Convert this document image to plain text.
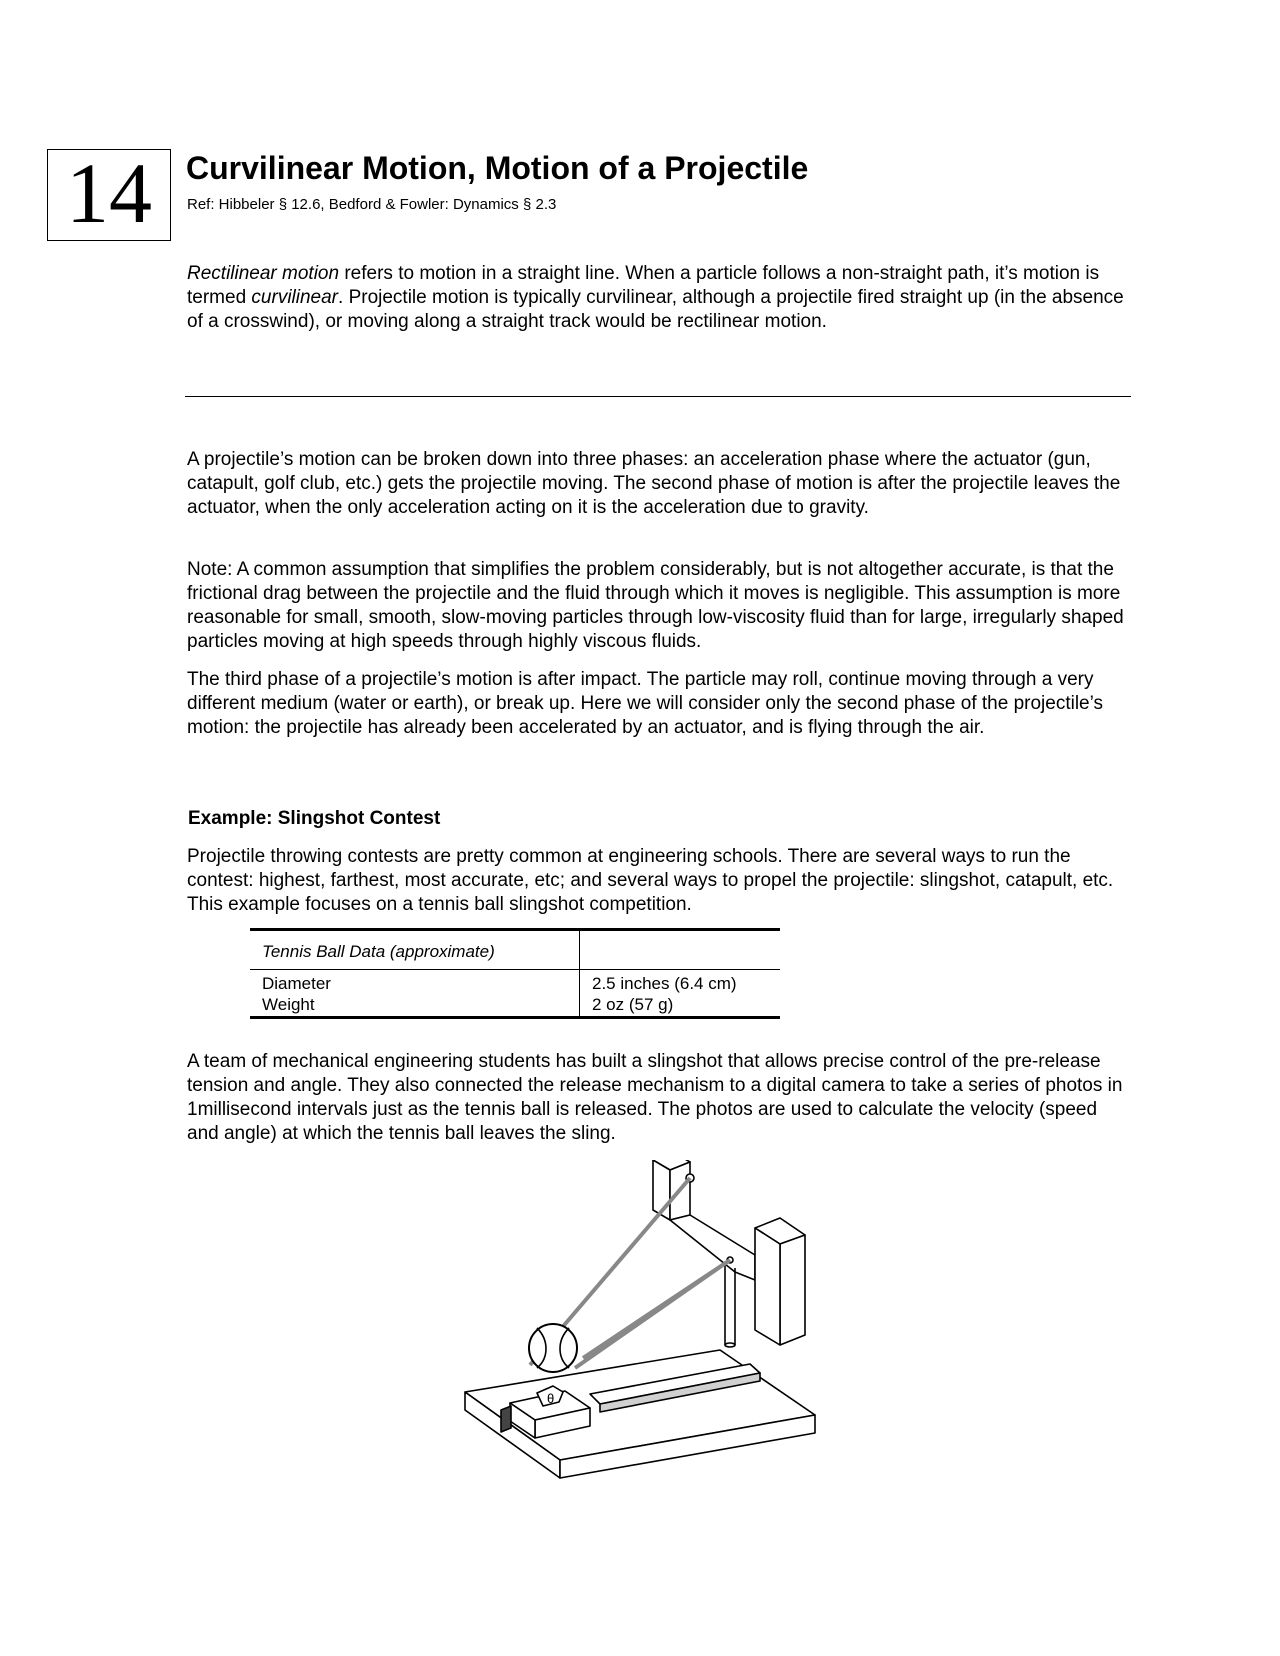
14 Curvilinear Motion, Motion of a Projectile
Ref: Hibbeler § 12.6, Bedford & Fowler: Dynamics § 2.3

Rectilinear motion refers to motion in a straight line. When a particle follows a non-straight path, it’s motion is termed curvilinear. Projectile motion is typically curvilinear, although a projectile fired straight up (in the absence of a crosswind), or moving along a straight track would be rectilinear motion.

A projectile’s motion can be broken down into three phases: an acceleration phase where the actuator (gun, catapult, golf club, etc.) gets the projectile moving. The second phase of motion is after the projectile leaves the actuator, when the only acceleration acting on it is the acceleration due to gravity.

Note: A common assumption that simplifies the problem considerably, but is not altogether accurate, is that the frictional drag between the projectile and the fluid through which it moves is negligible. This assumption is more reasonable for small, smooth, slow-moving particles through low-viscosity fluid than for large, irregularly shaped particles moving at high speeds through highly viscous fluids.

The third phase of a projectile’s motion is after impact. The particle may roll, continue moving through a very different medium (water or earth), or break up. Here we will consider only the second phase of the projectile’s motion: the projectile has already been accelerated by an actuator, and is flying through the air.

Example: Slingshot Contest

Projectile throwing contests are pretty common at engineering schools. There are several ways to run the contest: highest, farthest, most accurate, etc; and several ways to propel the projectile: slingshot, catapult, etc. This example focuses on a tennis ball slingshot competition.

Tennis Ball Data (approximate)	
Diameter	2.5 inches (6.4 cm)
Weight	2 oz (57 g)

A team of mechanical engineering students has built a slingshot that allows precise control of the pre-release tension and angle. They also connected the release mechanism to a digital camera to take a series of photos in 1millisecond intervals just as the tennis ball is released. The photos are used to calculate the velocity (speed and angle) at which the tennis ball leaves the sling.

θ
